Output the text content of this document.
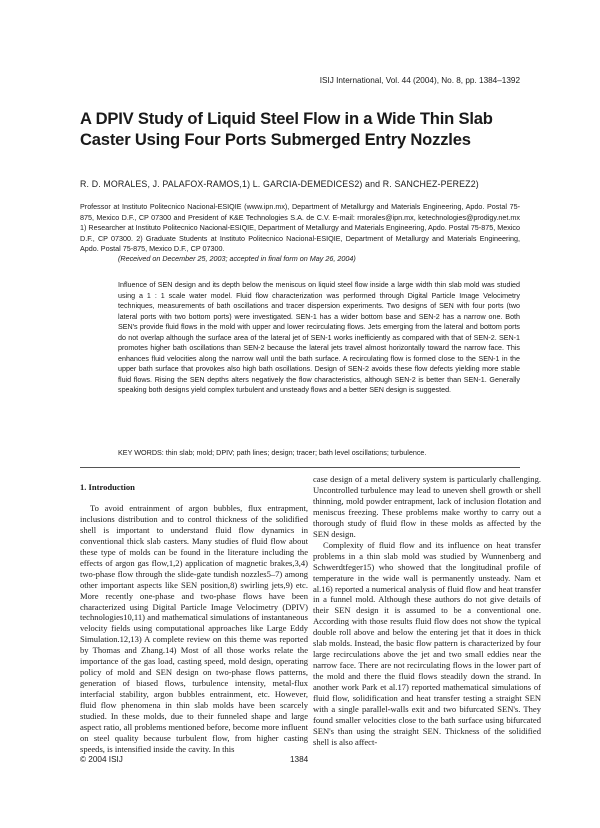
ISIJ International, Vol. 44 (2004), No. 8, pp. 1384–1392
A DPIV Study of Liquid Steel Flow in a Wide Thin Slab Caster Using Four Ports Submerged Entry Nozzles
R. D. MORALES, J. PALAFOX-RAMOS,1) L. GARCIA-DEMEDICES2) and R. SANCHEZ-PEREZ2)
Professor at Instituto Politecnico Nacional-ESIQIE (www.ipn.mx), Department of Metallurgy and Materials Engineering, Apdo. Postal 75-875, Mexico D.F., CP 07300 and President of K&E Technologies S.A. de C.V. E-mail: rmorales@ipn.mx, ketechnologies@prodigy.net.mx 1) Researcher at Instituto Politecnico Nacional-ESIQIE, Department of Metallurgy and Materials Engineering, Apdo. Postal 75-875, Mexico D.F., CP 07300. 2) Graduate Students at Instituto Politecnico Nacional-ESIQIE, Department of Metallurgy and Materials Engineering, Apdo. Postal 75-875, Mexico D.F., CP 07300.
(Received on December 25, 2003; accepted in final form on May 26, 2004)
Influence of SEN design and its depth below the meniscus on liquid steel flow inside a large width thin slab mold was studied using a 1 : 1 scale water model. Fluid flow characterization was performed through Digital Particle Image Velocimetry techniques, measurements of bath oscillations and tracer dispersion experiments. Two designs of SEN with four ports (two lateral ports with two bottom ports) were investigated. SEN-1 has a wider bottom base and SEN-2 has a narrow one. Both SEN's provide fluid flows in the mold with upper and lower recirculating flows. Jets emerging from the lateral and bottom ports do not overlap although the surface area of the lateral jet of SEN-1 works inefficiently as compared with that of SEN-2. SEN-1 promotes higher bath oscillations than SEN-2 because the lateral jets travel almost horizontally toward the narrow face. This enhances fluid velocities along the narrow wall until the bath surface. A recirculating flow is formed close to the SEN-1 in the upper bath surface that provokes also high bath oscillations. Design of SEN-2 avoids these flow defects yielding more stable fluid flows. Rising the SEN depths alters negatively the flow characteristics, although SEN-2 is better than SEN-1. Generally speaking both designs yield complex turbulent and unsteady flows and a better SEN design is suggested.
KEY WORDS: thin slab; mold; DPIV; path lines; design; tracer; bath level oscillations; turbulence.

1. Introduction

To avoid entrainment of argon bubbles, flux entrapment, inclusions distribution and to control thickness of the solidified shell is important to understand fluid flow dynamics in conventional thick slab casters. Many studies of fluid flow about these type of molds can be found in the literature including the effects of argon gas flow,1,2) application of magnetic brakes,3,4) two-phase flow through the slide-gate tundish nozzles5–7) among other important aspects like SEN position,8) swirling jets,9) etc. More recently one-phase and two-phase flows have been characterized using Digital Particle Image Velocimetry (DPIV) technologies10,11) and mathematical simulations of instantaneous velocity fields using computational approaches like Large Eddy Simulation.12,13) A complete review on this theme was reported by Thomas and Zhang.14) Most of all those works relate the importance of the gas load, casting speed, mold design, operating policy of mold and SEN design on two-phase flows patterns, generation of biased flows, turbulence intensity, metal-flux interfacial stability, argon bubbles entrainment, etc. However, fluid flow phenomena in thin slab molds have been scarcely studied. In these molds, due to their funneled shape and large aspect ratio, all problems mentioned before, become more influent on steel quality because turbulent flow, from higher casting speeds, is intensified inside the cavity. In this

case design of a metal delivery system is particularly challenging. Uncontrolled turbulence may lead to uneven shell growth or shell thinning, mold powder entrapment, lack of inclusion flotation and meniscus freezing. These problems make worthy to carry out a thorough study of fluid flow in these molds as affected by the SEN design.

Complexity of fluid flow and its influence on heat transfer problems in a thin slab mold was studied by Wunnenberg and Schwerdtfeger15) who showed that the longitudinal profile of temperature in the wide wall is permanently unsteady. Nam et al.16) reported a numerical analysis of fluid flow and heat transfer in a funnel mold. Although these authors do not give details of their SEN design it is assumed to be a conventional one. According with those results fluid flow does not show the typical double roll above and below the entering jet that it does in thick slab molds. Instead, the basic flow pattern is characterized by four large recirculations above the jet and two small eddies near the narrow face. There are not recirculating flows in the lower part of the mold and there the fluid flows steadily down the strand. In another work Park et al.17) reported mathematical simulations of fluid flow, solidification and heat transfer testing a straight SEN with a single parallel-walls exit and two bifurcated SEN's. They found smaller velocities close to the bath surface using bifurcated SEN's than using the straight SEN. Thickness of the solidified shell is also affect-

© 2004 ISIJ	1384
